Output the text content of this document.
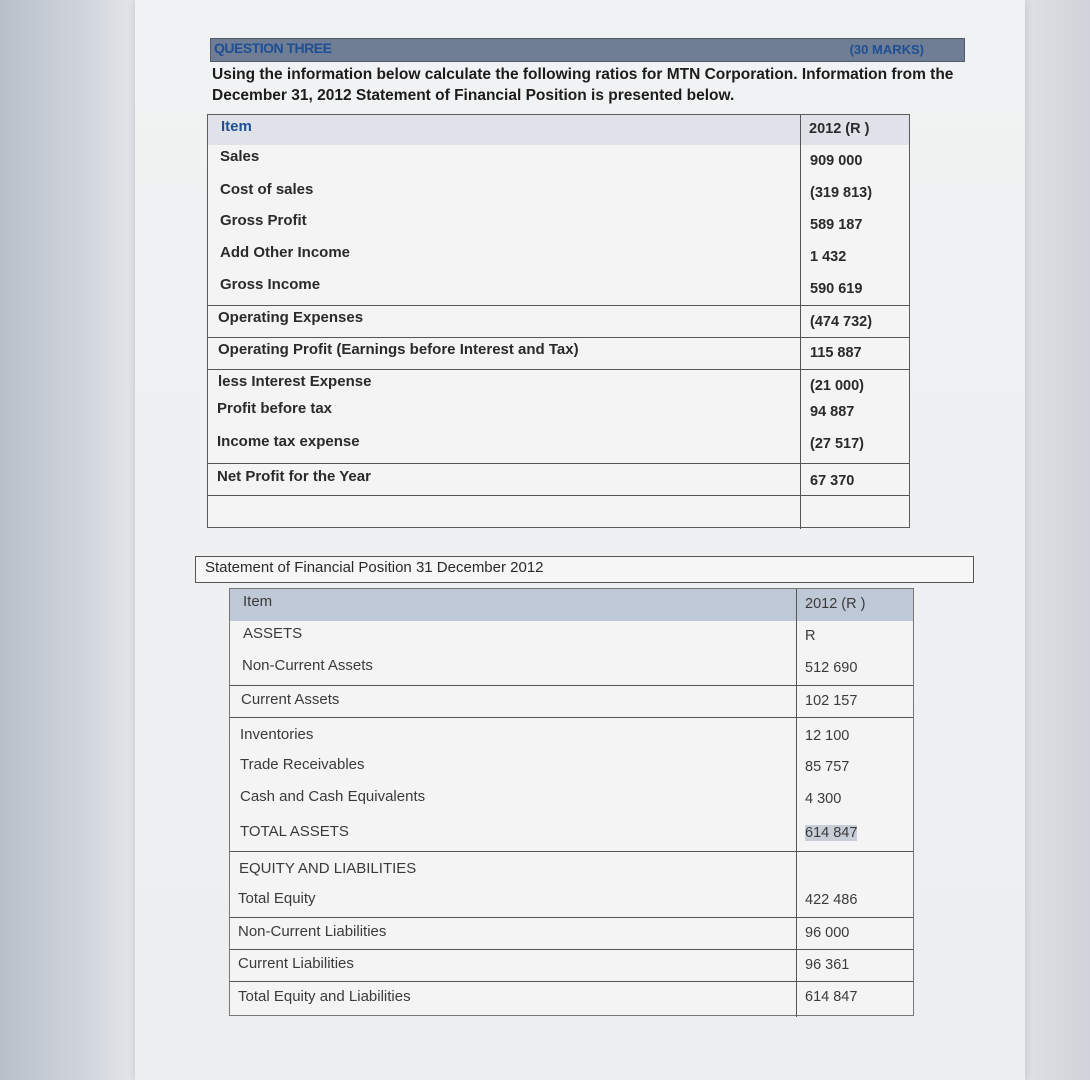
QUESTION THREE	(30 MARKS)
Using the information below calculate the following ratios for MTN Corporation. Information from the December 31, 2012 Statement of Financial Position is presented below.
Item	2012 (R )
Sales	909 000
Cost of sales	(319 813)
Gross Profit	589 187
Add Other Income	1 432
Gross Income	590 619
Operating Expenses	(474 732)
Operating Profit (Earnings before Interest and Tax)	115 887
less Interest Expense	(21 000)
Profit before tax	94 887
Income tax expense	(27 517)
Net Profit for the Year	67 370
Statement of Financial Position 31 December 2012
Item	2012 (R )
ASSETS	R
Non-Current Assets	512 690
Current Assets	102 157
Inventories	12 100
Trade Receivables	85 757
Cash and Cash Equivalents	4 300
TOTAL ASSETS	614 847
EQUITY AND LIABILITIES
Total Equity	422 486
Non-Current Liabilities	96 000
Current Liabilities	96 361
Total Equity and Liabilities	614 847
